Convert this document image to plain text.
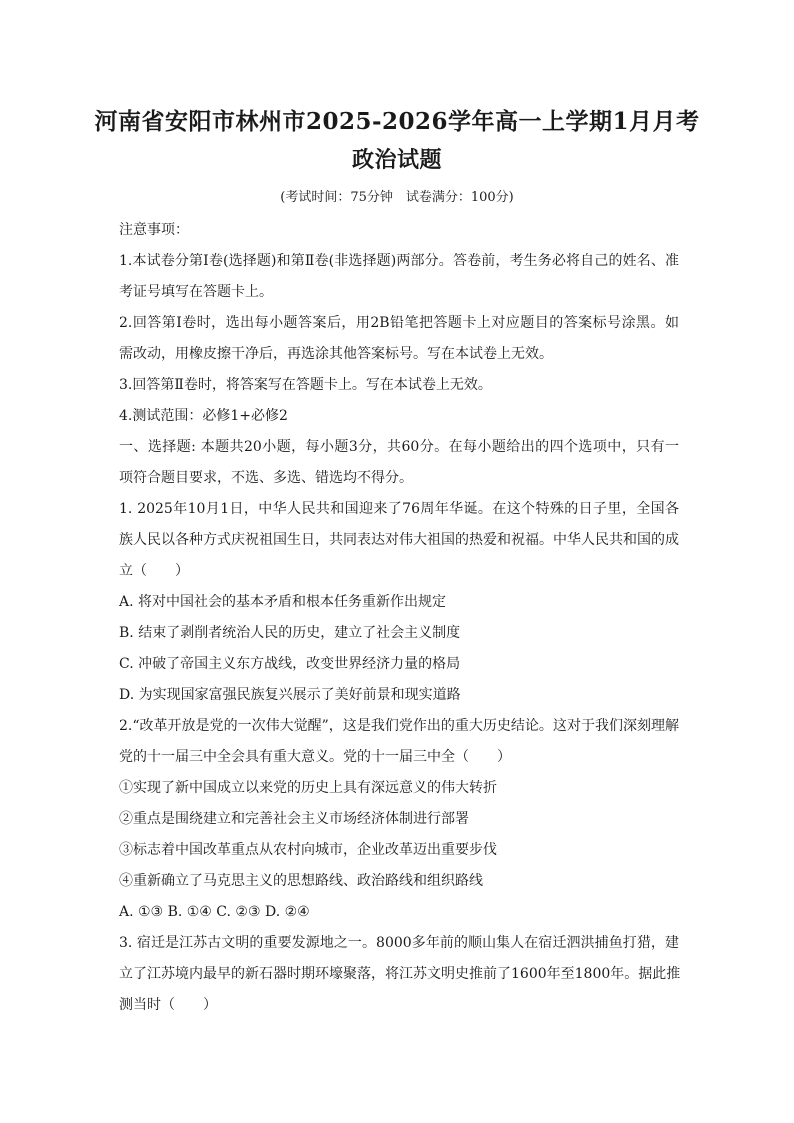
河南省安阳市林州市2025-2026学年高一上学期1月月考
政治试题
(考试时间：75分钟　试卷满分：100分)
注意事项：
1.本试卷分第Ⅰ卷(选择题)和第Ⅱ卷(非选择题)两部分。答卷前，考生务必将自己的姓名、准
考证号填写在答题卡上。
2.回答第Ⅰ卷时，选出每小题答案后，用2B铅笔把答题卡上对应题目的答案标号涂黑。如
需改动，用橡皮擦干净后，再选涂其他答案标号。写在本试卷上无效。
3.回答第Ⅱ卷时，将答案写在答题卡上。写在本试卷上无效。
4.测试范围：必修1+必修2
一、选择题: 本题共20小题，每小题3分，共60分。在每小题给出的四个选项中，只有一
项符合题目要求，不选、多选、错选均不得分。
1. 2025年10月1日，中华人民共和国迎来了76周年华诞。在这个特殊的日子里，全国各
族人民以各种方式庆祝祖国生日，共同表达对伟大祖国的热爱和祝福。中华人民共和国的成
立（　　）
A. 将对中国社会的基本矛盾和根本任务重新作出规定
B. 结束了剥削者统治人民的历史，建立了社会主义制度
C. 冲破了帝国主义东方战线，改变世界经济力量的格局
D. 为实现国家富强民族复兴展示了美好前景和现实道路
2.“改革开放是党的一次伟大觉醒”，这是我们党作出的重大历史结论。这对于我们深刻理解
党的十一届三中全会具有重大意义。党的十一届三中全（　　）
①实现了新中国成立以来党的历史上具有深远意义的伟大转折
②重点是围绕建立和完善社会主义市场经济体制进行部署
③标志着中国改革重点从农村向城市，企业改革迈出重要步伐
④重新确立了马克思主义的思想路线、政治路线和组织路线
A. ①③ B. ①④ C. ②③ D. ②④
3. 宿迁是江苏古文明的重要发源地之一。8000多年前的顺山集人在宿迁泗洪捕鱼打猎，建
立了江苏境内最早的新石器时期环壕聚落，将江苏文明史推前了1600年至1800年。据此推
测当时（　　）
